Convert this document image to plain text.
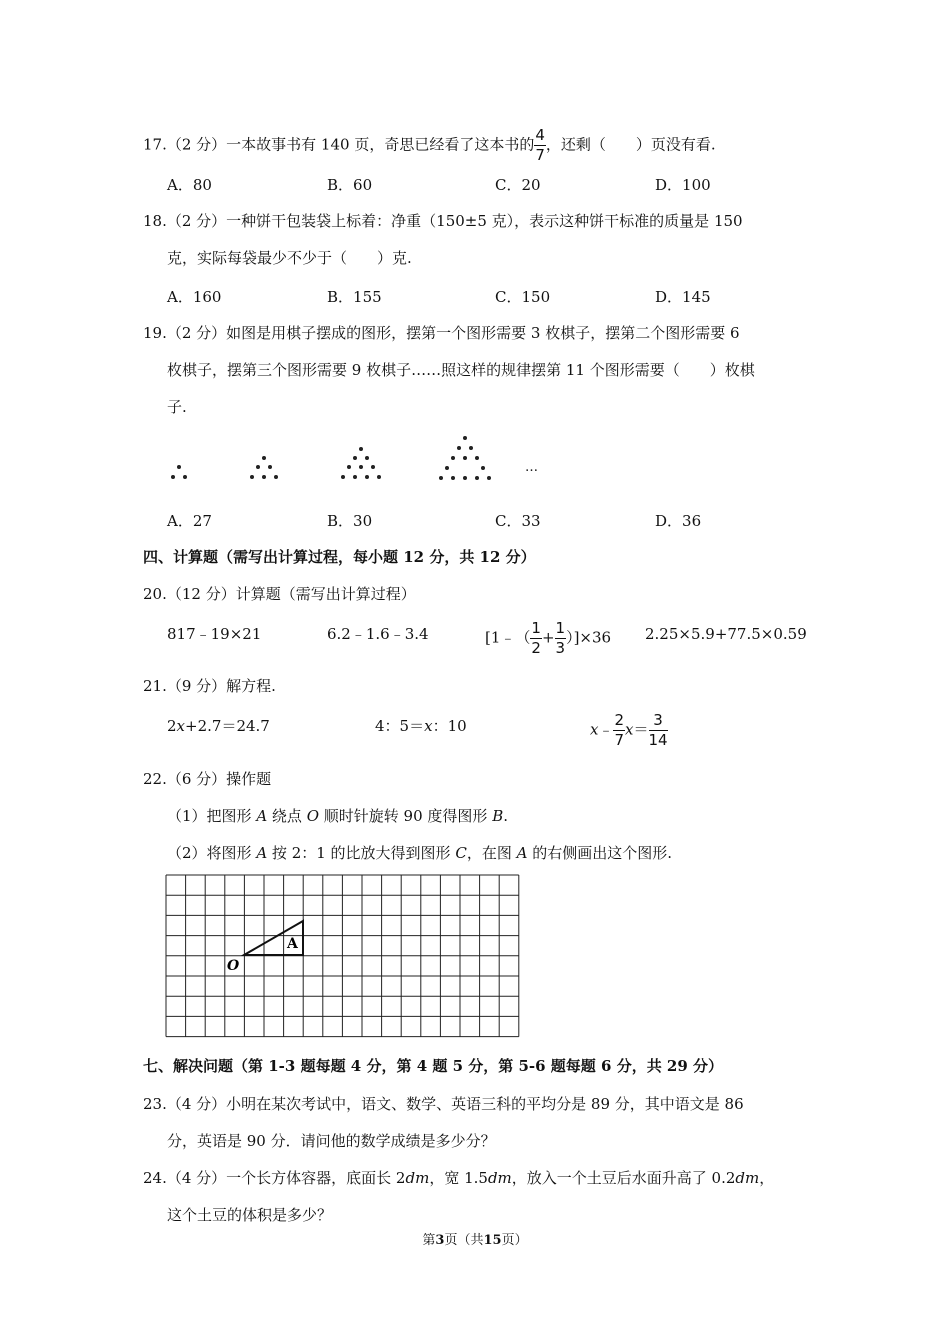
17.（2 分）一本故事书有 140 页，奇思已经看了这本书的 $\frac{4}{7}$ ，还剩（　　）页没有看.
A．80	B．60	C．20	D．100
18.（2 分）一种饼干包装袋上标着：净重（150±5 克），表示这种饼干标准的质量是 150
克，实际每袋最少不少于（　　）克.
A．160	B．155	C．150	D．145
19.（2 分）如图是用棋子摆成的图形，摆第一个图形需要 3 枚棋子，摆第二个图形需要 6
枚棋子，摆第三个图形需要 9 枚棋子……照这样的规律摆第 11 个图形需要（　　）枚棋
子.
…
A．27	B．30	C．33	D．36
四、计算题（需写出计算过程，每小题 12 分，共 12 分）
20.（12 分）计算题（需写出计算过程）
817﹣19×21	6.2﹣1.6﹣3.4	[1﹣（ $\frac{1}{2} + \frac{1}{3} )]\times 36$ 2.25×5.9+77.5×0.59
21.（9 分）解方程.
2x+2.7＝24.7	4：5＝x：10	x﹣ $\frac{2}{7} x= \frac{3}{14}$
22.（6 分）操作题
（1）把图形 A 绕点 O 顺时针旋转 90 度得图形 B.
（2）将图形 A 按 2：1 的比放大得到图形 C，在图 A 的右侧画出这个图形.
O
A
七、解决问题（第 1-3 题每题 4 分，第 4 题 5 分，第 5-6 题每题 6 分，共 29 分）
23.（4 分）小明在某次考试中，语文、数学、英语三科的平均分是 89 分，其中语文是 86
分，英语是 90 分．请问他的数学成绩是多少分？
24.（4 分）一个长方体容器，底面长 2dm，宽 1.5dm，放入一个土豆后水面升高了 0.2dm，
这个土豆的体积是多少？
第3页（共15页）
